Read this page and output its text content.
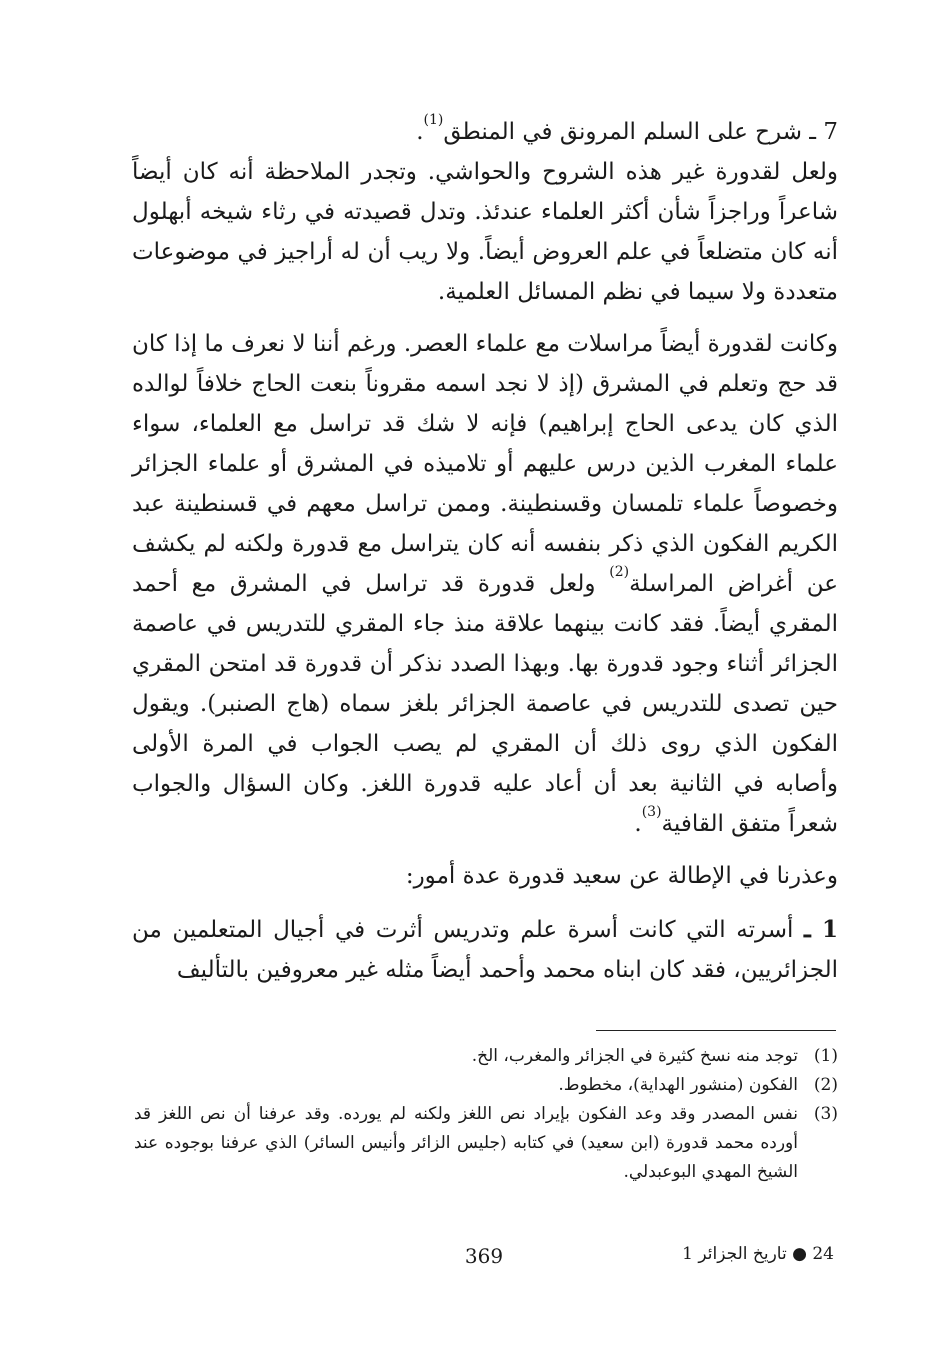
7 ـ شرح على السلم المرونق في المنطق$^{(1)}$.

ولعل لقدورة غير هذه الشروح والحواشي. وتجدر الملاحظة أنه كان أيضاً شاعراً وراجزاً شأن أكثر العلماء عندئذ. وتدل قصيدته في رثاء شيخه أبهلول أنه كان متضلعاً في علم العروض أيضاً. ولا ريب أن له أراجيز في موضوعات متعددة ولا سيما في نظم المسائل العلمية.

وكانت لقدورة أيضاً مراسلات مع علماء العصر. ورغم أننا لا نعرف ما إذا كان قد حج وتعلم في المشرق (إذ لا نجد اسمه مقروناً بنعت الحاج خلافاً لوالده الذي كان يدعى الحاج إبراهيم) فإنه لا شك قد تراسل مع العلماء، سواء علماء المغرب الذين درس عليهم أو تلاميذه في المشرق أو علماء الجزائر وخصوصاً علماء تلمسان وقسنطينة. وممن تراسل معهم في قسنطينة عبد الكريم الفكون الذي ذكر بنفسه أنه كان يتراسل مع قدورة ولكنه لم يكشف عن أغراض المراسلة$^{(2)}$ ولعل قدورة قد تراسل في المشرق مع أحمد المقري أيضاً. فقد كانت بينهما علاقة منذ جاء المقري للتدريس في عاصمة الجزائر أثناء وجود قدورة بها. وبهذا الصدد نذكر أن قدورة قد امتحن المقري حين تصدى للتدريس في عاصمة الجزائر بلغز سماه (هاج الصنبر). ويقول الفكون الذي روى ذلك أن المقري لم يصب الجواب في المرة الأولى وأصابه في الثانية بعد أن أعاد عليه قدورة اللغز. وكان السؤال والجواب شعراً متفق القافية$^{(3)}$.

وعذرنا في الإطالة عن سعيد قدورة عدة أمور:

1 ـ أسرته التي كانت أسرة علم وتدريس أثرت في أجيال المتعلمين من الجزائريين، فقد كان ابناه محمد وأحمد أيضاً مثله غير معروفين بالتأليف

(1)
توجد منه نسخ كثيرة في الجزائر والمغرب، الخ.
(2)
الفكون (منشور الهداية)، مخطوط.
(3)
نفس المصدر وقد وعد الفكون بإيراد نص اللغز ولكنه لم يورده. وقد عرفنا أن نص اللغز قد أورده محمد قدورة (ابن سعيد) في كتابه (جليس الزائر وأنيس السائر) الذي عرفنا بوجوده عند الشيخ المهدي البوعبدلي.
24 ● تاريخ الجزائر 1
369
